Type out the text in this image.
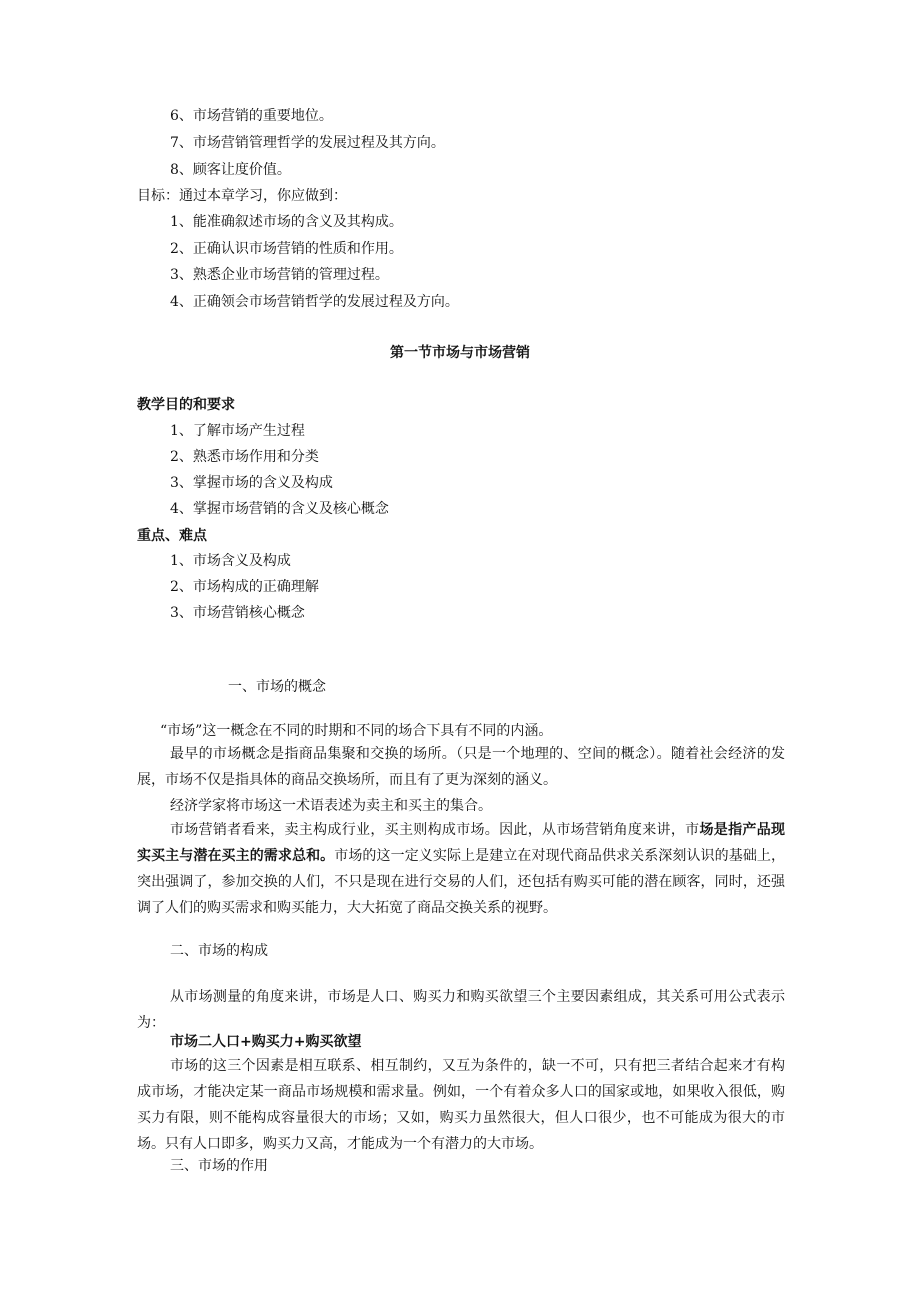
6、市场营销的重要地位。
7、市场营销管理哲学的发展过程及其方向。
8、顾客让度价值。
目标：通过本章学习，你应做到：
1、能准确叙述市场的含义及其构成。
2、正确认识市场营销的性质和作用。
3、熟悉企业市场营销的管理过程。
4、正确领会市场营销哲学的发展过程及方向。
第一节市场与市场营销
教学目的和要求
1、了解市场产生过程
2、熟悉市场作用和分类
3、掌握市场的含义及构成
4、掌握市场营销的含义及核心概念
重点、难点
1、市场含义及构成
2、市场构成的正确理解
3、市场营销核心概念
一、市场的概念
“市场”这一概念在不同的时期和不同的场合下具有不同的内涵。
最早的市场概念是指商品集聚和交换的场所。（只是一个地理的、空间的概念）。随着社会经济的发展，市场不仅是指具体的商品交换场所，而且有了更为深刻的涵义。
经济学家将市场这一术语表述为卖主和买主的集合。
市场营销者看来，卖主构成行业，买主则构成市场。因此，从市场营销角度来讲，市场是指产品现实买主与潜在买主的需求总和。市场的这一定义实际上是建立在对现代商品供求关系深刻认识的基础上，突出强调了，参加交换的人们，不只是现在进行交易的人们，还包括有购买可能的潜在顾客，同时，还强调了人们的购买需求和购买能力，大大拓宽了商品交换关系的视野。
二、市场的构成
从市场测量的角度来讲，市场是人口、购买力和购买欲望三个主要因素组成，其关系可用公式表示为：
市场二人口+购买力+购买欲望
市场的这三个因素是相互联系、相互制约，又互为条件的，缺一不可，只有把三者结合起来才有构成市场，才能决定某一商品市场规模和需求量。例如，一个有着众多人口的国家或地，如果收入很低，购买力有限，则不能构成容量很大的市场；又如，购买力虽然很大，但人口很少，也不可能成为很大的市场。只有人口即多，购买力又高，才能成为一个有潜力的大市场。
三、市场的作用
